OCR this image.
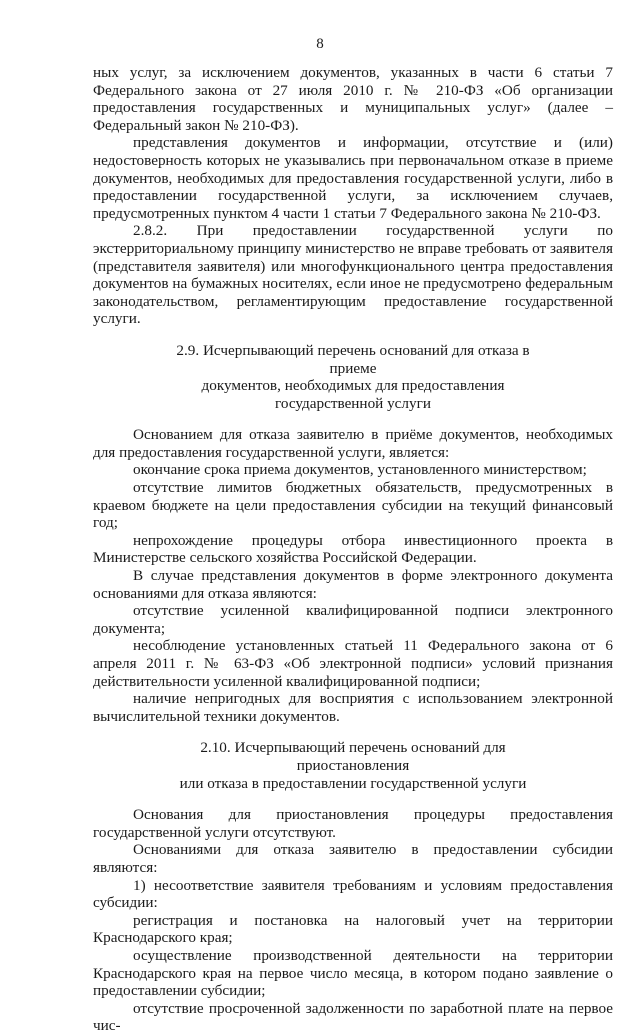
8

ных услуг, за исключением документов, указанных в части 6 статьи 7 Федерального закона от 27 июля 2010 г. № 210-ФЗ «Об организации предоставления государственных и муниципальных услуг» (далее – Федеральный закон № 210-ФЗ).

представления документов и информации, отсутствие и (или) недостоверность которых не указывались при первоначальном отказе в приеме документов, необходимых для предоставления государственной услуги, либо в предоставлении государственной услуги, за исключением случаев, предусмотренных пунктом 4 части 1 статьи 7 Федерального закона № 210-ФЗ.

2.8.2. При предоставлении государственной услуги по экстерриториальному принципу министерство не вправе требовать от заявителя (представителя заявителя) или многофункционального центра предоставления документов на бумажных носителях, если иное не предусмотрено федеральным законодательством, регламентирующим предоставление государственной услуги.

2.9. Исчерпывающий перечень оснований для отказа в приеме
документов, необходимых для предоставления
государственной услуги

Основанием для отказа заявителю в приёме документов, необходимых для предоставления государственной услуги, является:

окончание срока приема документов, установленного министерством;

отсутствие лимитов бюджетных обязательств, предусмотренных в краевом бюджете на цели предоставления субсидии на текущий финансовый год;

непрохождение процедуры отбора инвестиционного проекта в Министерстве сельского хозяйства Российской Федерации.

В случае представления документов в форме электронного документа основаниями для отказа являются:

отсутствие усиленной квалифицированной подписи электронного документа;

несоблюдение установленных статьей 11 Федерального закона от 6 апреля 2011 г. № 63-ФЗ «Об электронной подписи» условий признания действительности усиленной квалифицированной подписи;

наличие непригодных для восприятия с использованием электронной вычислительной техники документов.

2.10. Исчерпывающий перечень оснований для приостановления
или отказа в предоставлении государственной услуги

Основания для приостановления процедуры предоставления государственной услуги отсутствуют.

Основаниями для отказа заявителю в предоставлении субсидии являются:

1) несоответствие заявителя требованиям и условиям предоставления субсидии:

регистрация и постановка на налоговый учет на территории Краснодарского края;

осуществление производственной деятельности на территории Краснодарского края на первое число месяца, в котором подано заявление о предоставлении субсидии;

отсутствие просроченной задолженности по заработной плате на первое чис-
